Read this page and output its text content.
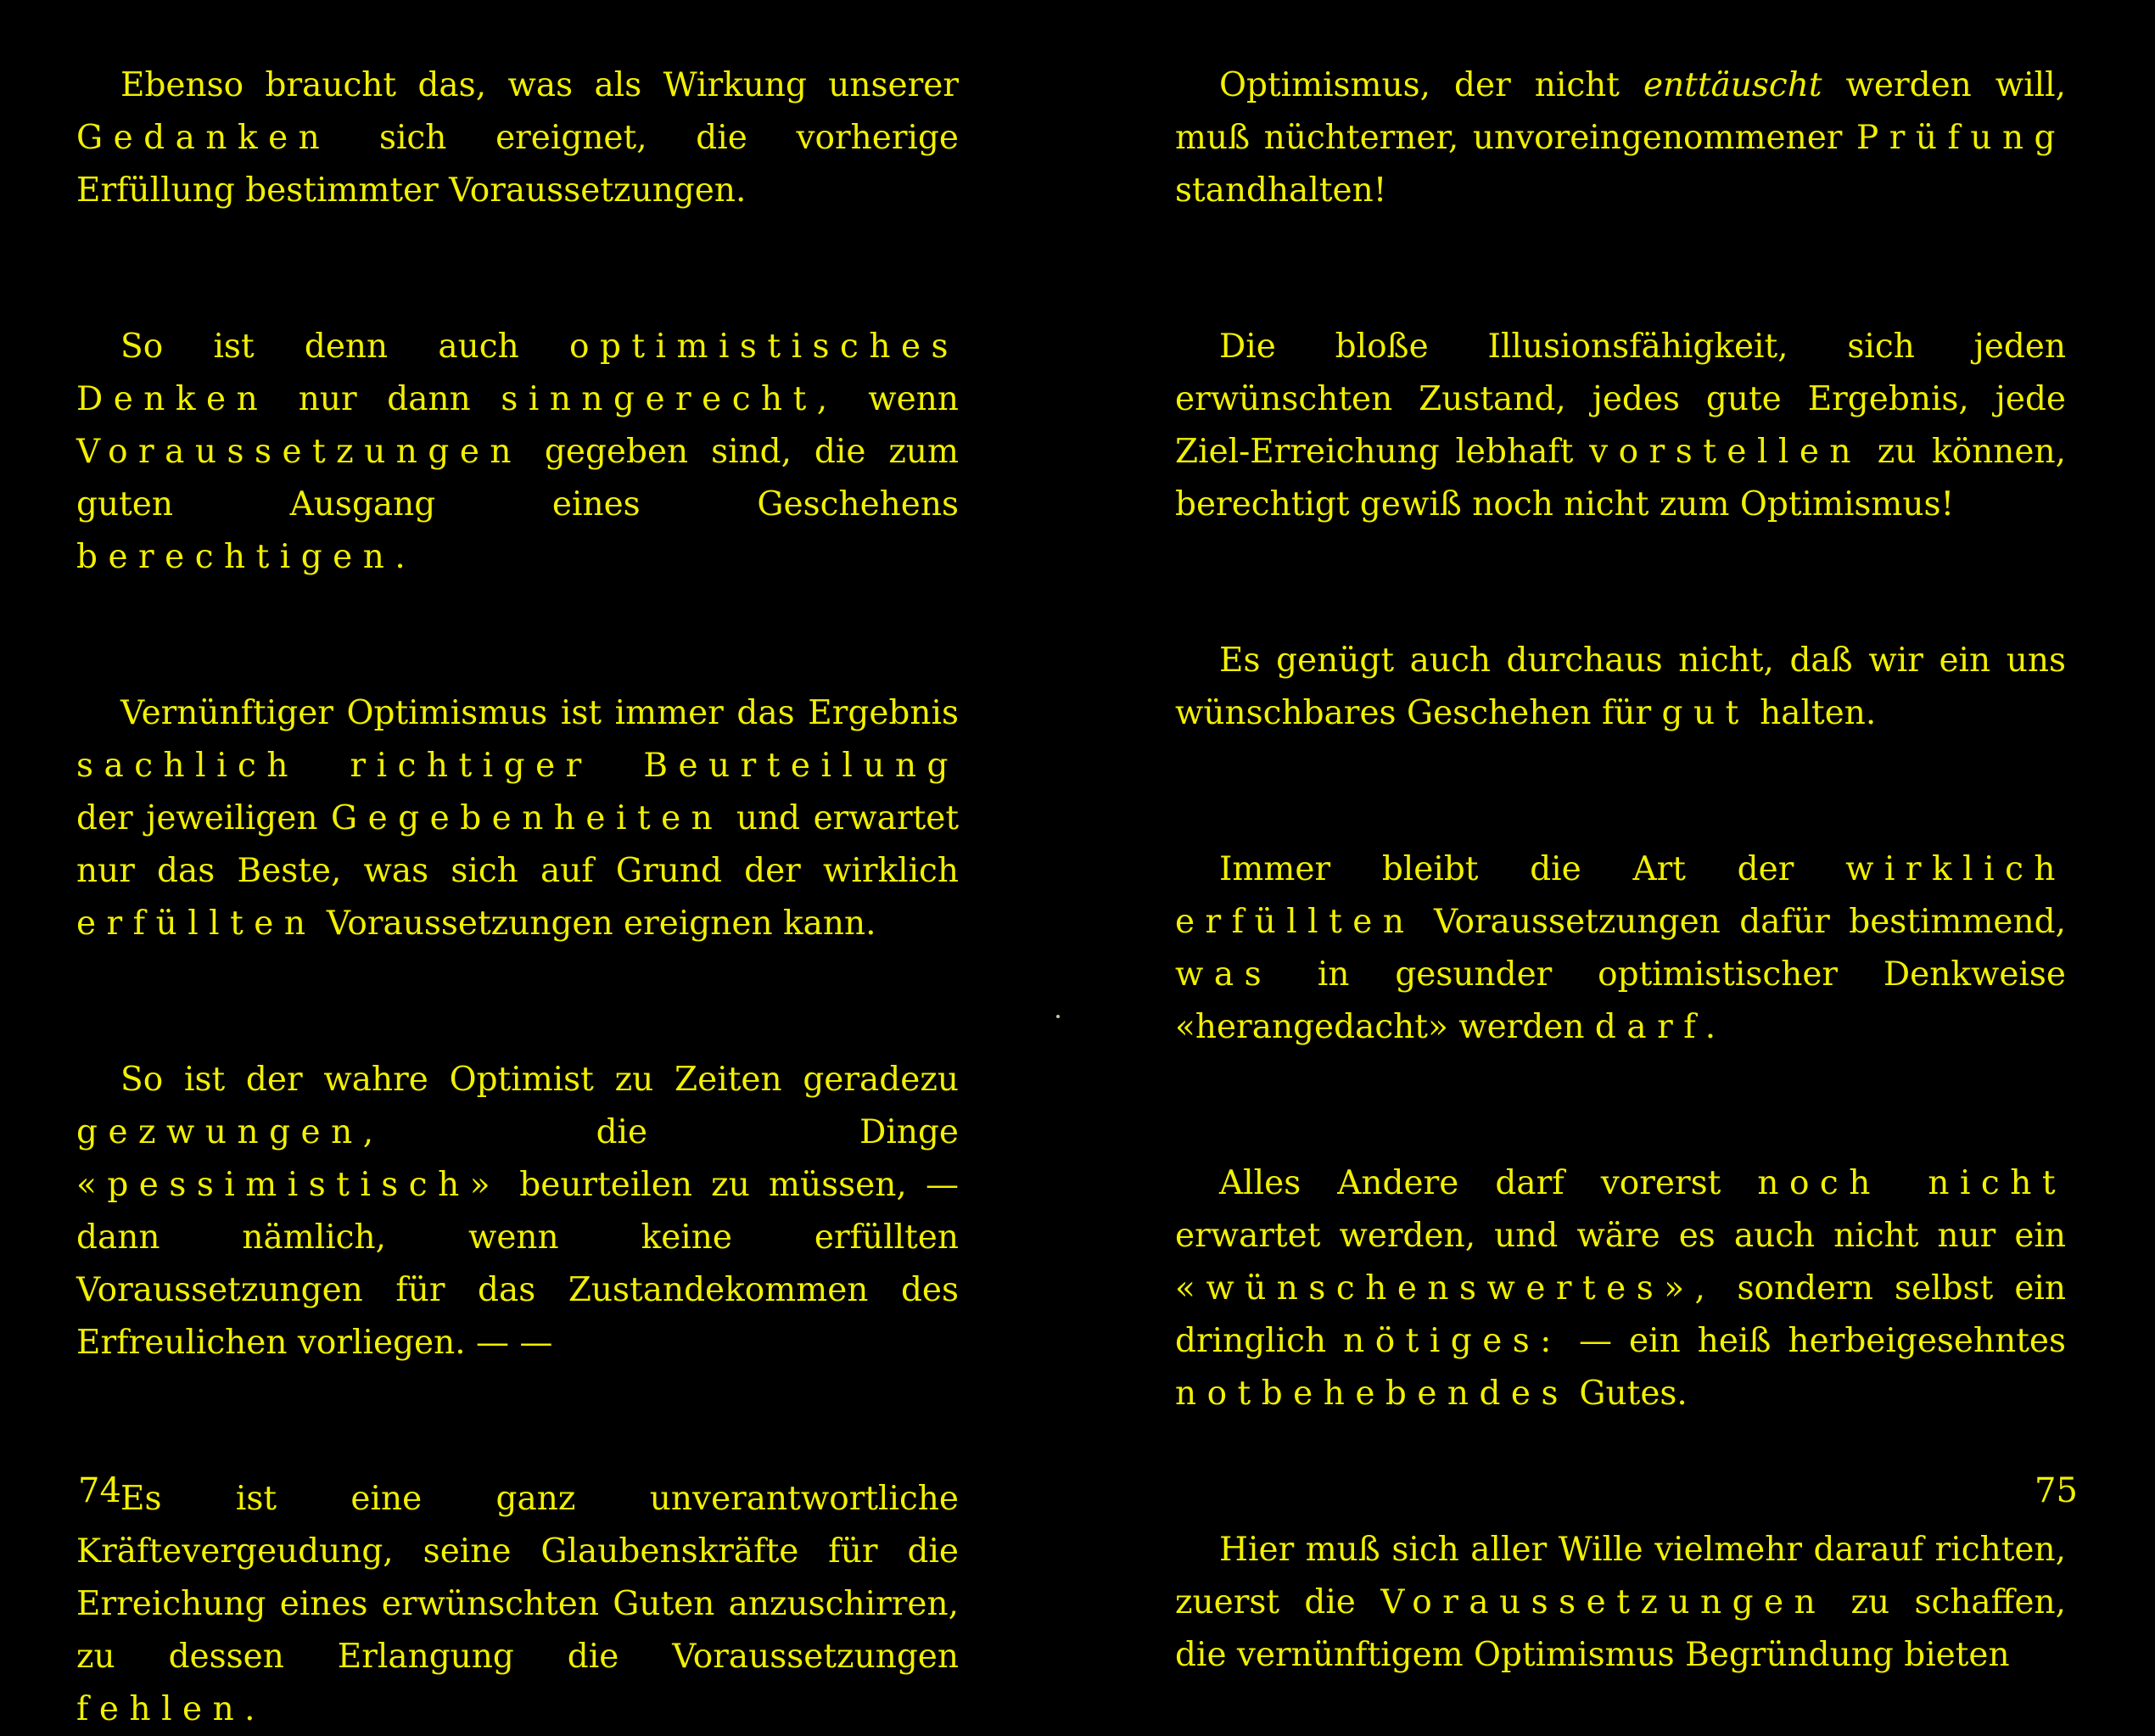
Ebenso braucht das, was als Wirkung unserer Gedanken sich ereignet, die vorherige Erfüllung bestimmter Voraussetzungen.
So ist denn auch optimistisches Denken nur dann sinngerecht, wenn Voraussetzungen gegeben sind, die zum guten Ausgang eines Geschehens berechtigen.
Vernünftiger Optimismus ist immer das Ergebnis sachlich richtiger Beurteilung der jeweiligen Gegebenheiten und erwartet nur das Beste, was sich auf Grund der wirklich erfüllten Voraussetzungen ereignen kann.
So ist der wahre Optimist zu Zeiten geradezu gezwungen, die Dinge «pessimistisch» beurteilen zu müssen, — dann nämlich, wenn keine erfüllten Voraussetzungen für das Zustandekommen des Erfreulichen vorliegen. — —
Es ist eine ganz unverantwortliche Kräftevergeudung, seine Glaubenskräfte für die Erreichung eines erwünschten Guten anzuschirren, zu dessen Erlangung die Voraussetzungen fehlen.
Optimismus, der nicht enttäuscht werden will, muß nüchterner, unvoreingenommener Prüfung standhalten!
Die bloße Illusionsfähigkeit, sich jeden erwünschten Zustand, jedes gute Ergebnis, jede Ziel-Erreichung lebhaft vorstellen zu können, berechtigt gewiß noch nicht zum Optimismus!
Es genügt auch durchaus nicht, daß wir ein uns wünschbares Geschehen für gut halten.
Immer bleibt die Art der wirklich erfüllten Voraussetzungen dafür bestimmend, was in gesunder optimistischer Denkweise «herangedacht» werden darf.
Alles Andere darf vorerst noch nicht erwartet werden, und wäre es auch nicht nur ein «wünschenswertes», sondern selbst ein dringlich nötiges: — ein heiß herbeigesehntes notbehebendes Gutes.
Hier muß sich aller Wille vielmehr darauf richten, zuerst die Voraussetzungen zu schaffen, die vernünftigem Optimismus Begründung bieten
74	75
